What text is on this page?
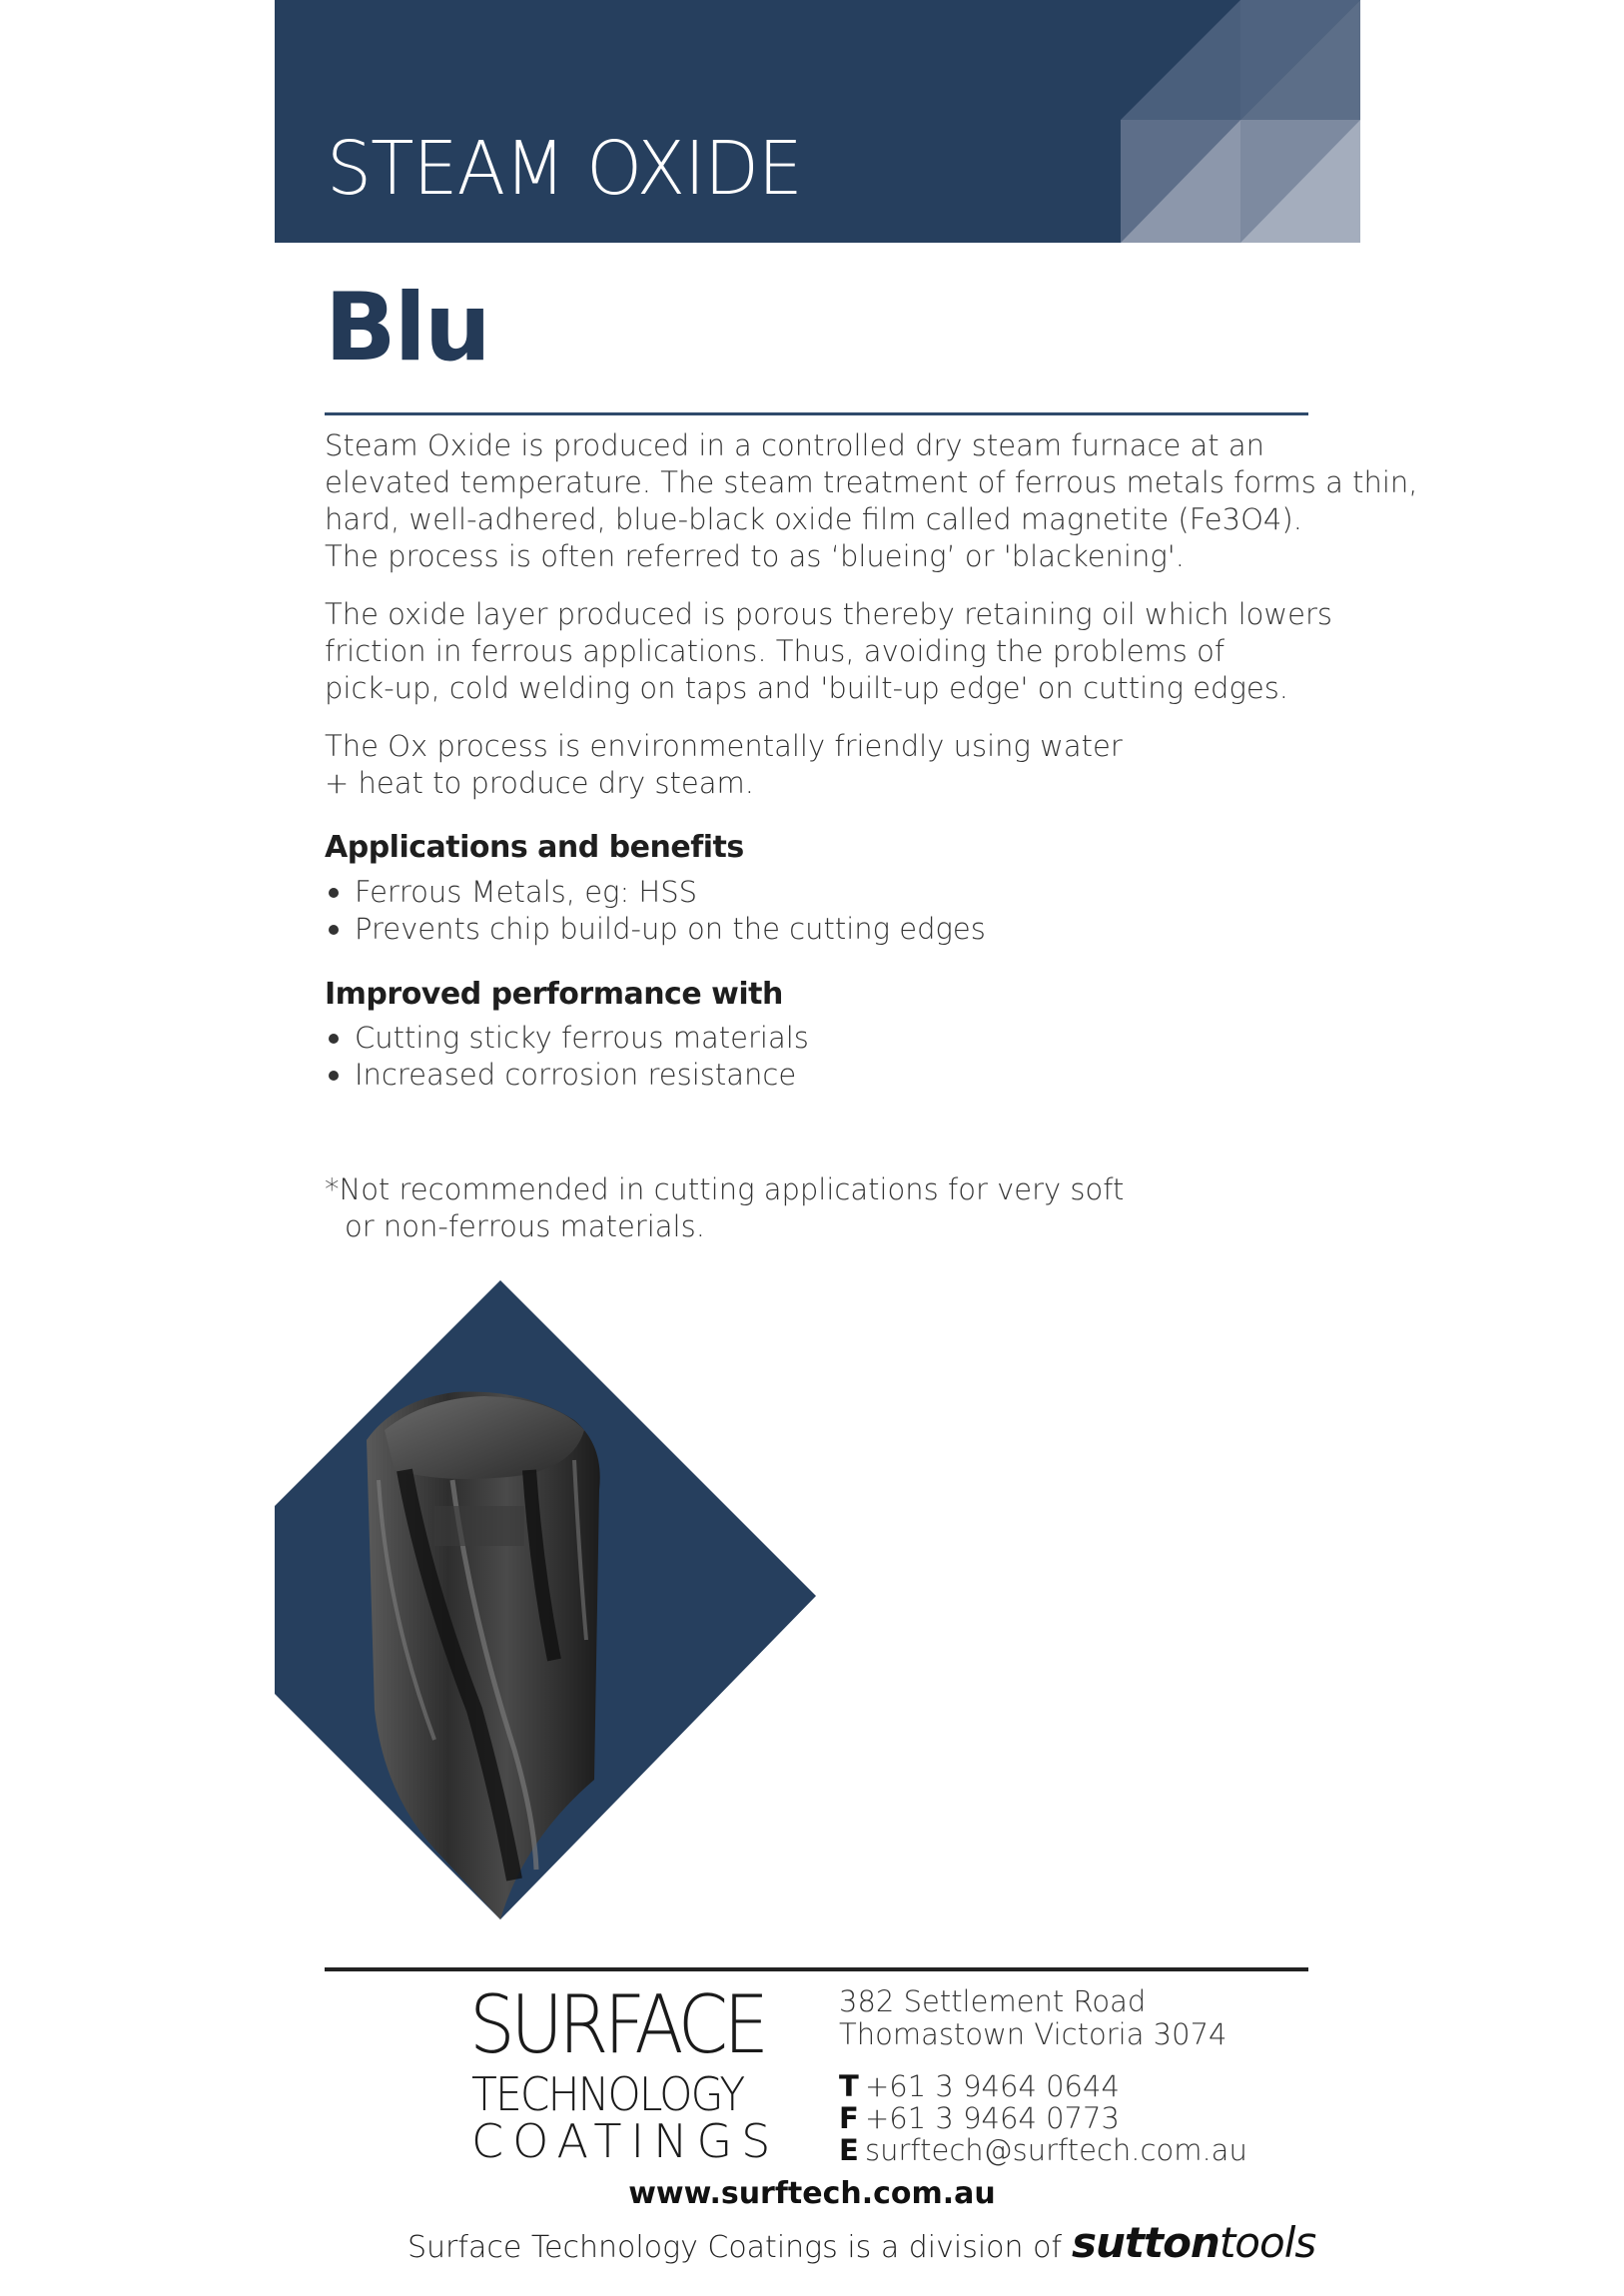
STEAM OXIDE
Blu

Steam Oxide is produced in a controlled dry steam furnace at an
elevated temperature. The steam treatment of ferrous metals forms a thin,
hard, well-adhered, blue-black oxide film called magnetite (Fe3O4).
The process is often referred to as ‘blueing’ or 'blackening'.

The oxide layer produced is porous thereby retaining oil which lowers
friction in ferrous applications. Thus, avoiding the problems of
pick-up, cold welding on taps and 'built-up edge' on cutting edges.

The Ox process is environmentally friendly using water
+ heat to produce dry steam.

Applications and benefits
Ferrous Metals, eg: HSS
Prevents chip build-up on the cutting edges
Improved performance with
Cutting sticky ferrous materials
Increased corrosion resistance

*Not recommended in cutting applications for very soft
or non-ferrous materials.

SURFACE
TECHNOLOGY
COATINGS

382 Settlement Road
Thomastown Victoria 3074

T +61 3 9464 0644
F +61 3 9464 0773
E surftech@surftech.com.au
www.surftech.com.au
Surface Technology Coatings is a division of suttontools
